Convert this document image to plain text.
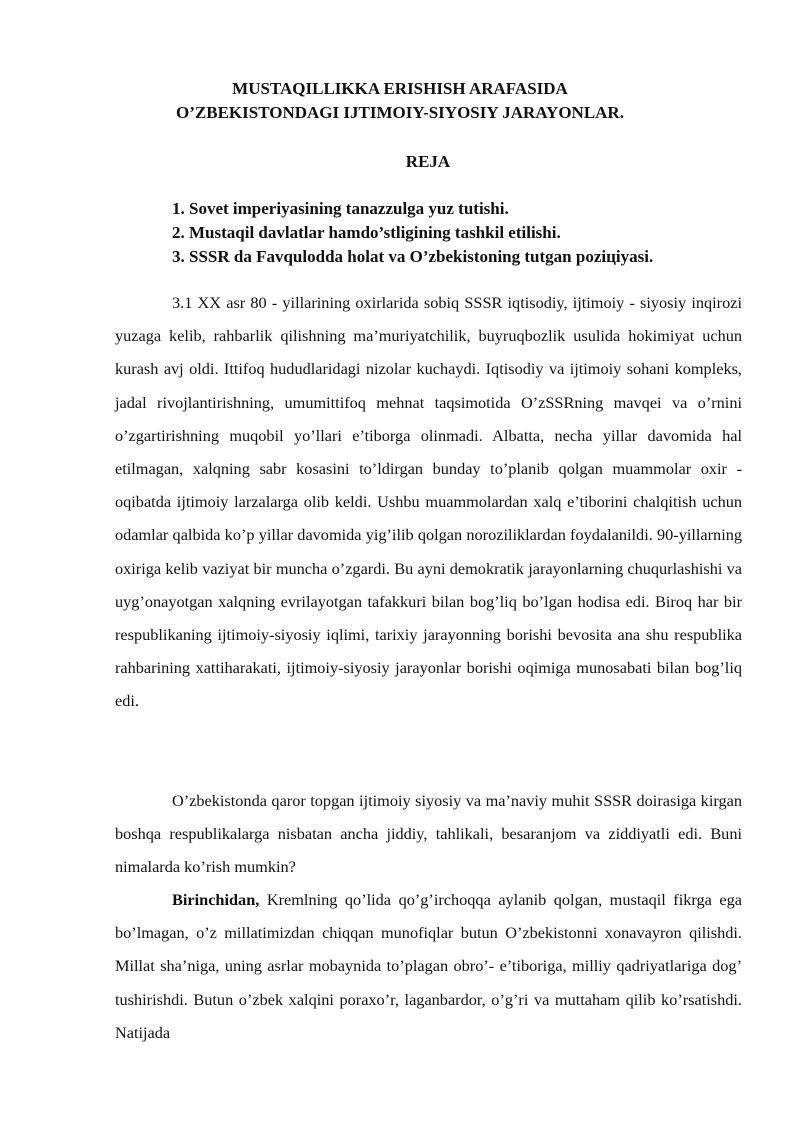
MUSTAQILLIKKA ERISHISH ARAFASIDA
O’ZBEKISTONDAGI IJTIMOIY-SIYOSIY JARAYONLAR.
REJA
1. Sovet imperiyasining tanazzulga yuz tutishi.
2. Mustaqil davlatlar hamdo’stligining tashkil etilishi.
3. SSSR da Favqulodda holat va O’zbekistoning tutgan poziцiyasi.

3.1 XX asr 80 - yillarining oxirlarida sobiq SSSR iqtisodiy, ijtimoiy - siyosiy inqirozi yuzaga kelib, rahbarlik qilishning ma’muriyatchilik, buyruqbozlik usulida hokimiyat uchun kurash avj oldi. Ittifoq hududlaridagi nizolar kuchaydi. Iqtisodiy va ijtimoiy sohani kompleks, jadal rivojlantirishning, umumittifoq mehnat taqsimotida O’zSSRning mavqei va o’rnini o’zgartirishning muqobil yo’llari e’tiborga olinmadi. Albatta, necha yillar davomida hal etilmagan, xalqning sabr kosasini to’ldirgan bunday to’planib qolgan muammolar oxir - oqibatda ijtimoiy larzalarga olib keldi. Ushbu muammolardan xalq e’tiborini chalqitish uchun odamlar qalbida ko’p yillar davomida yig’ilib qolgan noroziliklardan foydalanildi. 90-yillarning oxiriga kelib vaziyat bir muncha o’zgardi. Bu ayni demokratik jarayonlarning chuqurlashishi va uyg’onayotgan xalqning evrilayotgan tafakkuri bilan bog’liq bo’lgan hodisa edi. Biroq har bir respublikaning ijtimoiy-siyosiy iqlimi, tarixiy jarayonning borishi bevosita ana shu respublika rahbarining xattiharakati, ijtimoiy-siyosiy jarayonlar borishi oqimiga munosabati bilan bog’liq edi.

O’zbekistonda qaror topgan ijtimoiy siyosiy va ma’naviy muhit SSSR doirasiga kirgan boshqa respublikalarga nisbatan ancha jiddiy, tahlikali, besaranjom va ziddiyatli edi. Buni nimalarda ko’rish mumkin?

Birinchidan, Kremlning qo’lida qo’g’irchoqqa aylanib qolgan, mustaqil fikrga ega bo’lmagan, o’z millatimizdan chiqqan munofiqlar butun O’zbekistonni xonavayron qilishdi. Millat sha’niga, uning asrlar mobaynida to’plagan obro’- e’tiboriga, milliy qadriyatlariga dog’ tushirishdi. Butun o’zbek xalqini poraxo’r, laganbardor, o’g’ri va muttaham qilib ko’rsatishdi. Natijada
